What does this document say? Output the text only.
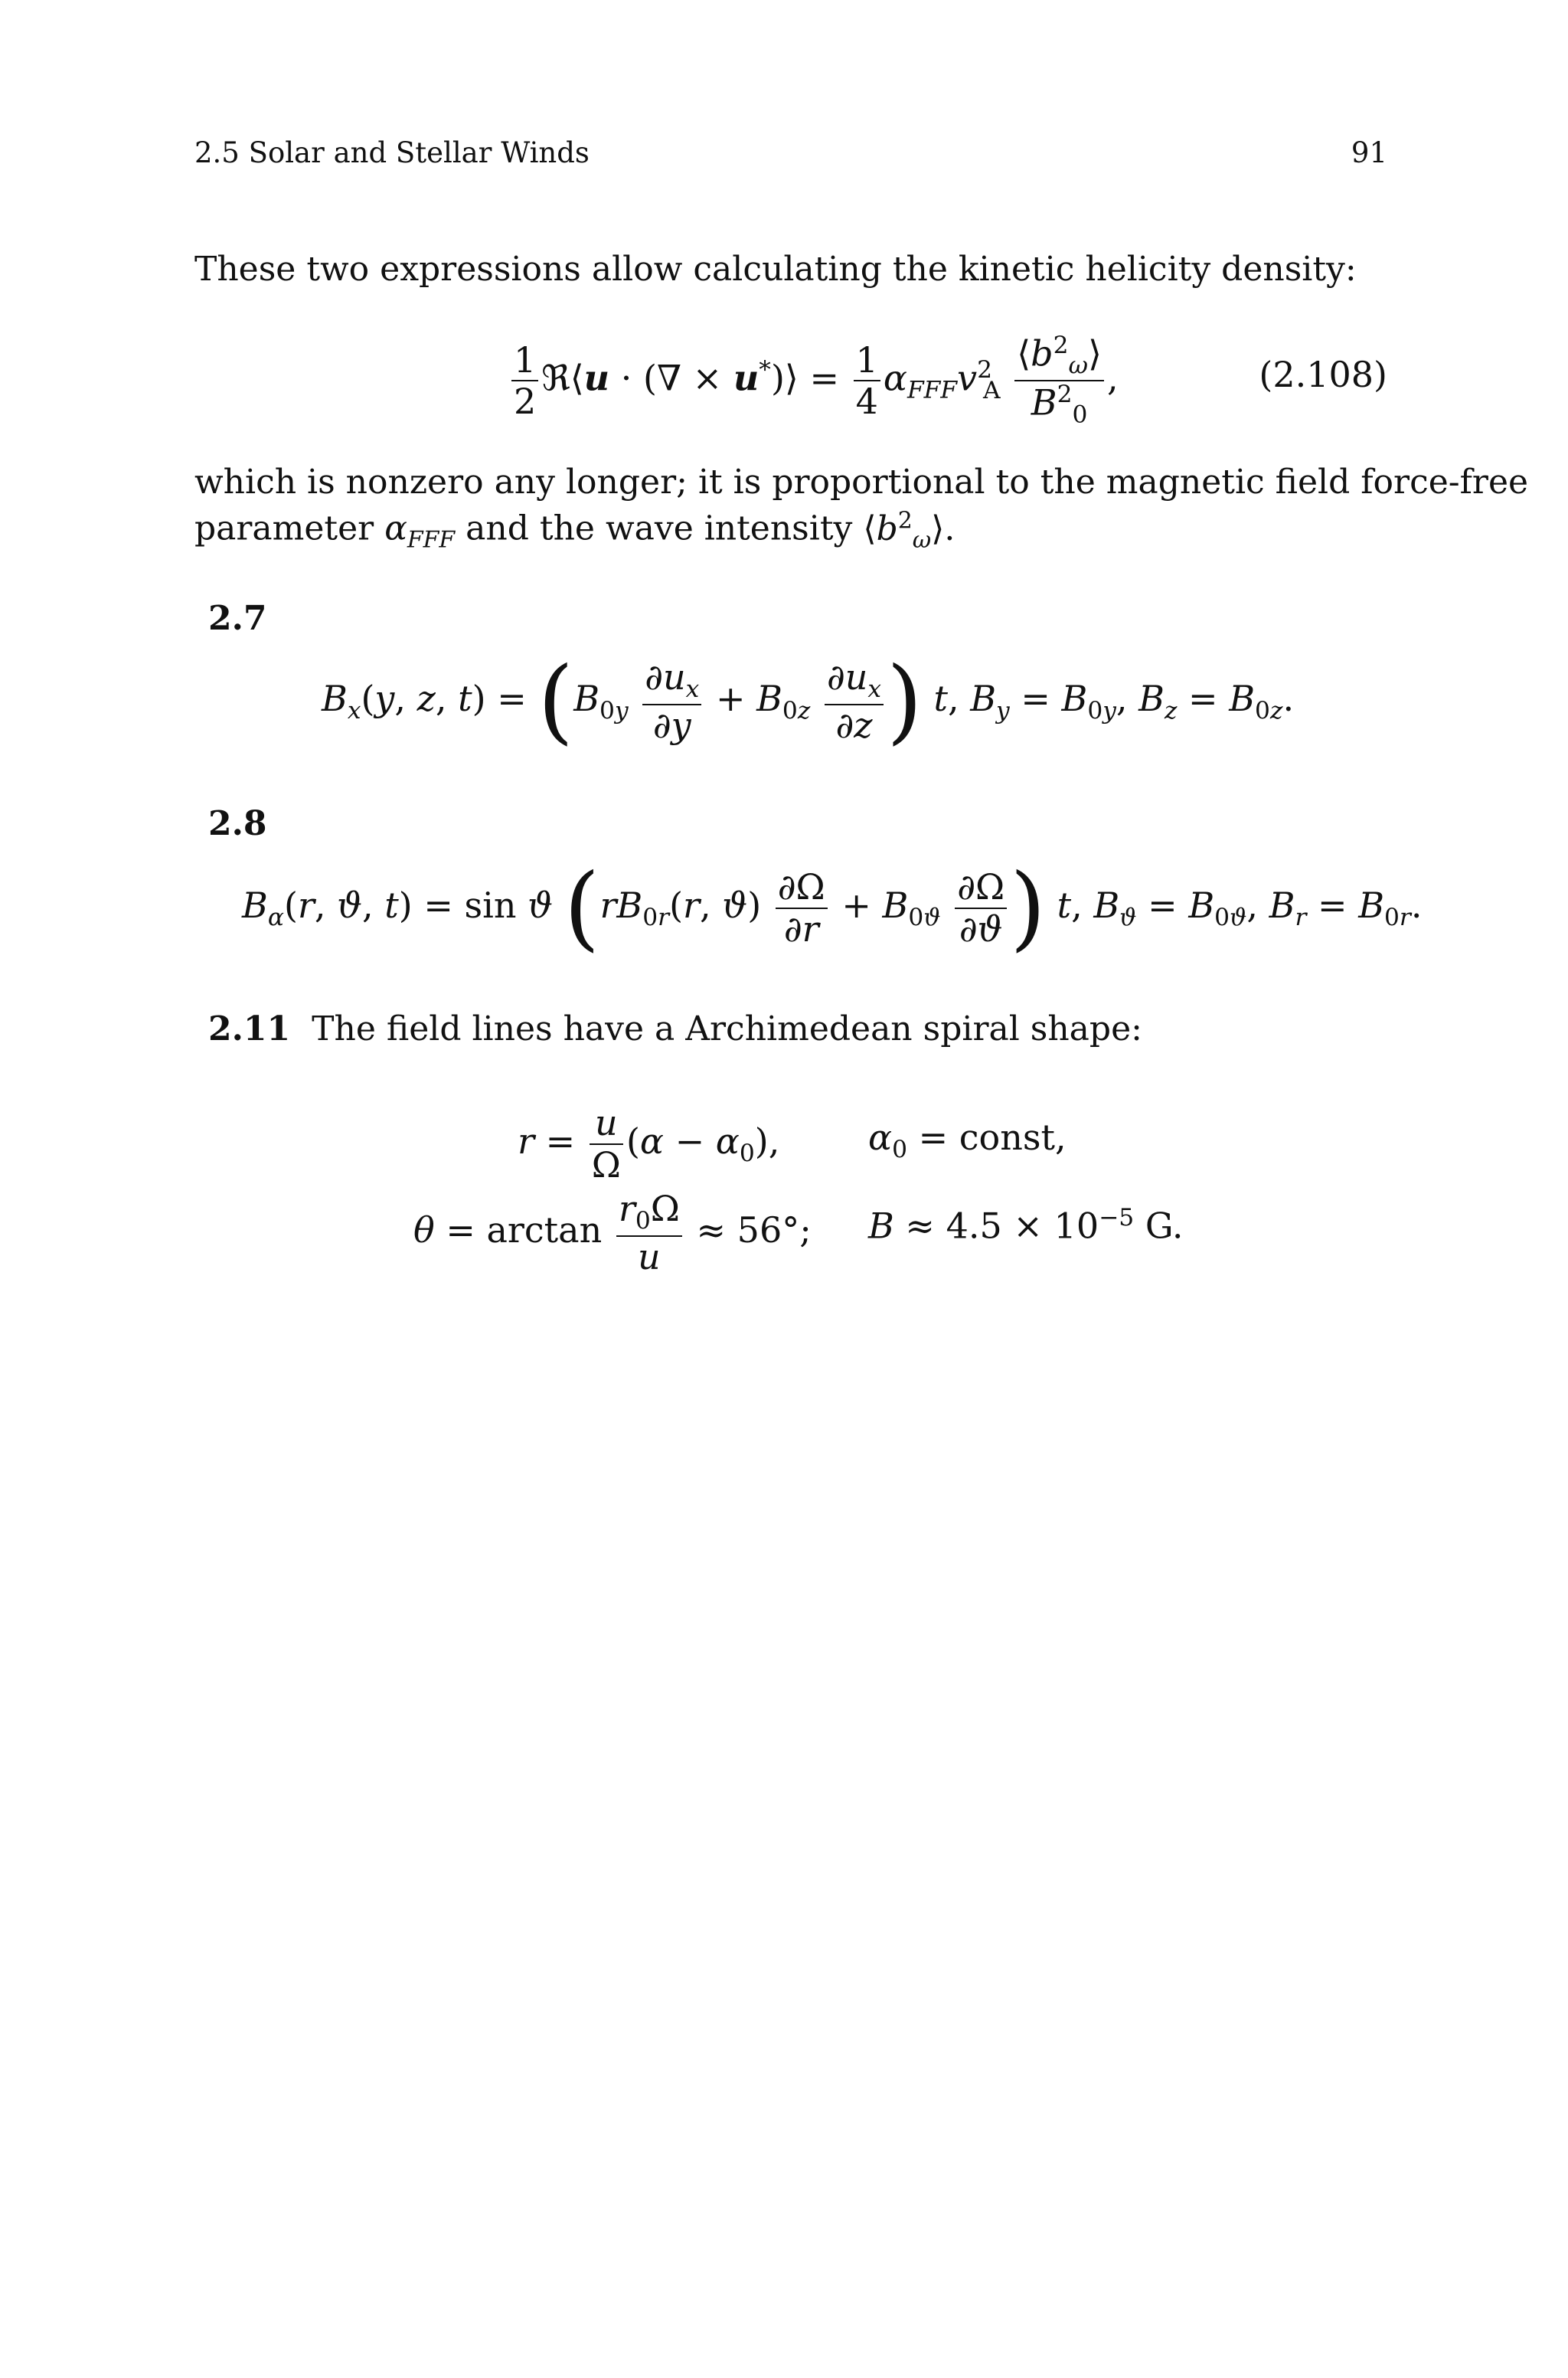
2.5 Solar and Stellar Winds	91
These two expressions allow calculating the kinetic helicity density:
$\frac{1}{2}$ ℜ⟨u · (∇ × u*)⟩ = $\frac{1}{4} \alpha_{FFF}v^2_A \frac{⟨b^2_\omega⟩}{B^2_0}$ ,	(2.108)
which is nonzero any longer; it is proportional to the magnetic field force-free
parameter $\alpha_{FFF}$ and the wave intensity $⟨b^2_\omega⟩$.
2.7
$B_x(y$, z, $t) = (B_{0y} \frac{\partial u_x}{\partial y} + B_{0z} \frac{\partial u_x}{\partial z}$ ) t, $B_y = B_{0y}$, $B_z = B_{0z}$.
2.8
$B_\alpha(r$, ϑ, t) = sin ϑ ($rB_{0r}(r$, $ϑ) \frac{\partial\Omega}{\partial r} + B_{0ϑ} \frac{\partial\Omega}{\partial ϑ}$ ) t, $B_ϑ = B_{0ϑ}$, $B_r = B_{0r}$.
2.11 The field lines have a Archimedean spiral shape:
$r = \frac{u}{\Omega} (\alpha - \alpha_0)$,	$\alpha_0$ = const,
$\theta = \arctan \frac{r_0\Omega}{u} \approx 56^\circ$; $B \approx 4.5 \times 10^{-5}$ G.
